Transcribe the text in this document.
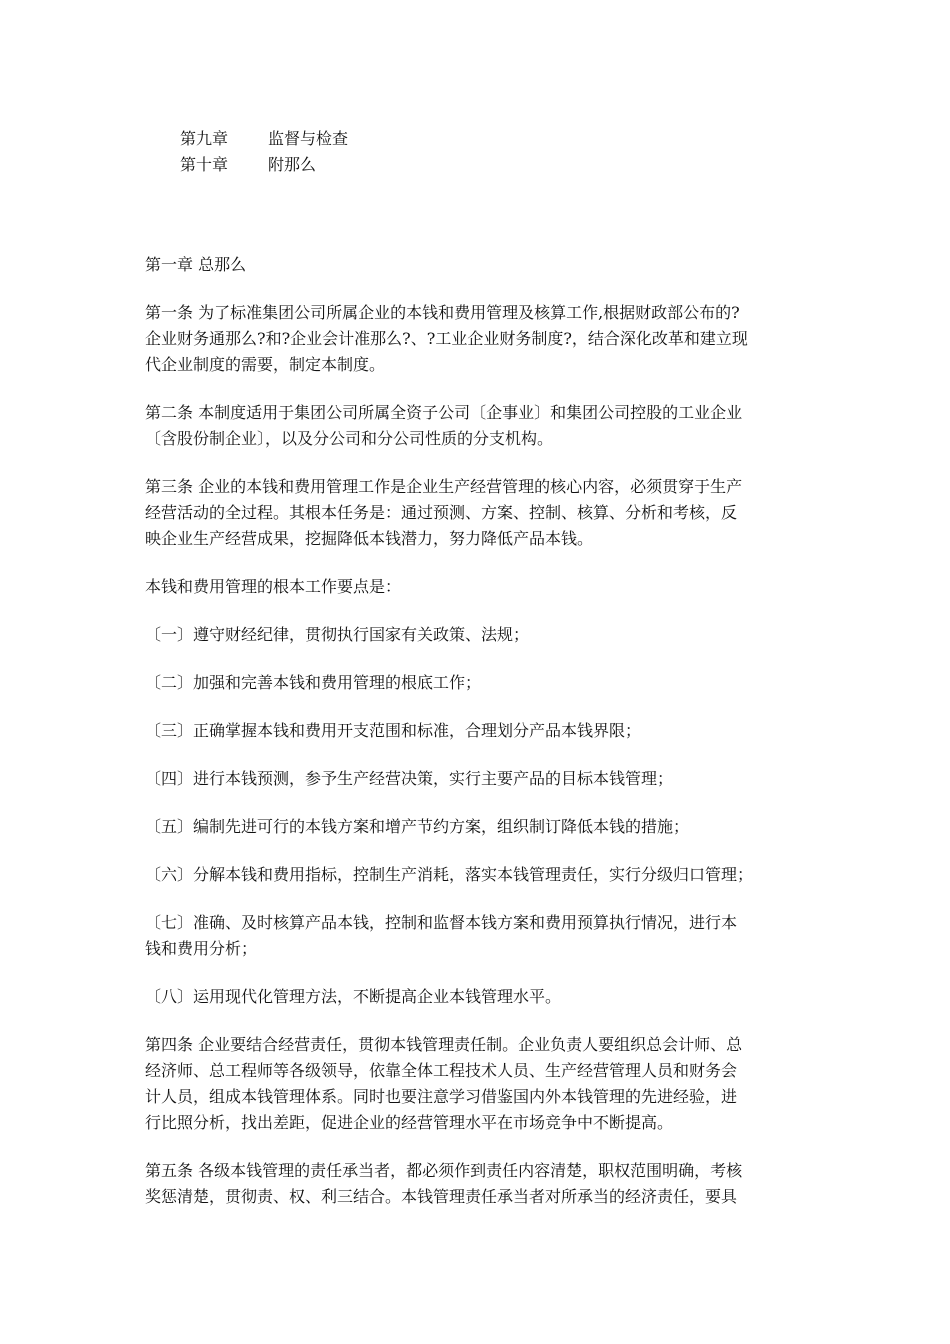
第九章	监督与检查
第十章	附那么
第一章 总那么
第一条 为了标准集团公司所属企业的本钱和费用管理及核算工作,根据财政部公布的?
企业财务通那么?和?企业会计准那么?、?工业企业财务制度?，结合深化改革和建立现
代企业制度的需要，制定本制度。
第二条 本制度适用于集团公司所属全资子公司〔企事业〕和集团公司控股的工业企业
〔含股份制企业〕，以及分公司和分公司性质的分支机构。
第三条 企业的本钱和费用管理工作是企业生产经营管理的核心内容，必须贯穿于生产
经营活动的全过程。其根本任务是：通过预测、方案、控制、核算、分析和考核，反
映企业生产经营成果，挖掘降低本钱潜力，努力降低产品本钱。
本钱和费用管理的根本工作要点是：
〔一〕遵守财经纪律，贯彻执行国家有关政策、法规；
〔二〕加强和完善本钱和费用管理的根底工作；
〔三〕正确掌握本钱和费用开支范围和标准，合理划分产品本钱界限；
〔四〕进行本钱预测，参予生产经营决策，实行主要产品的目标本钱管理；
〔五〕编制先进可行的本钱方案和增产节约方案，组织制订降低本钱的措施；
〔六〕分解本钱和费用指标，控制生产消耗，落实本钱管理责任，实行分级归口管理；
〔七〕准确、及时核算产品本钱，控制和监督本钱方案和费用预算执行情况，进行本
钱和费用分析；
〔八〕运用现代化管理方法，不断提高企业本钱管理水平。
第四条 企业要结合经营责任，贯彻本钱管理责任制。企业负责人要组织总会计师、总
经济师、总工程师等各级领导，依靠全体工程技术人员、生产经营管理人员和财务会
计人员，组成本钱管理体系。同时也要注意学习借鉴国内外本钱管理的先进经验，进
行比照分析，找出差距，促进企业的经营管理水平在市场竞争中不断提高。
第五条 各级本钱管理的责任承当者，都必须作到责任内容清楚，职权范围明确，考核
奖惩清楚，贯彻责、权、利三结合。本钱管理责任承当者对所承当的经济责任，要具
